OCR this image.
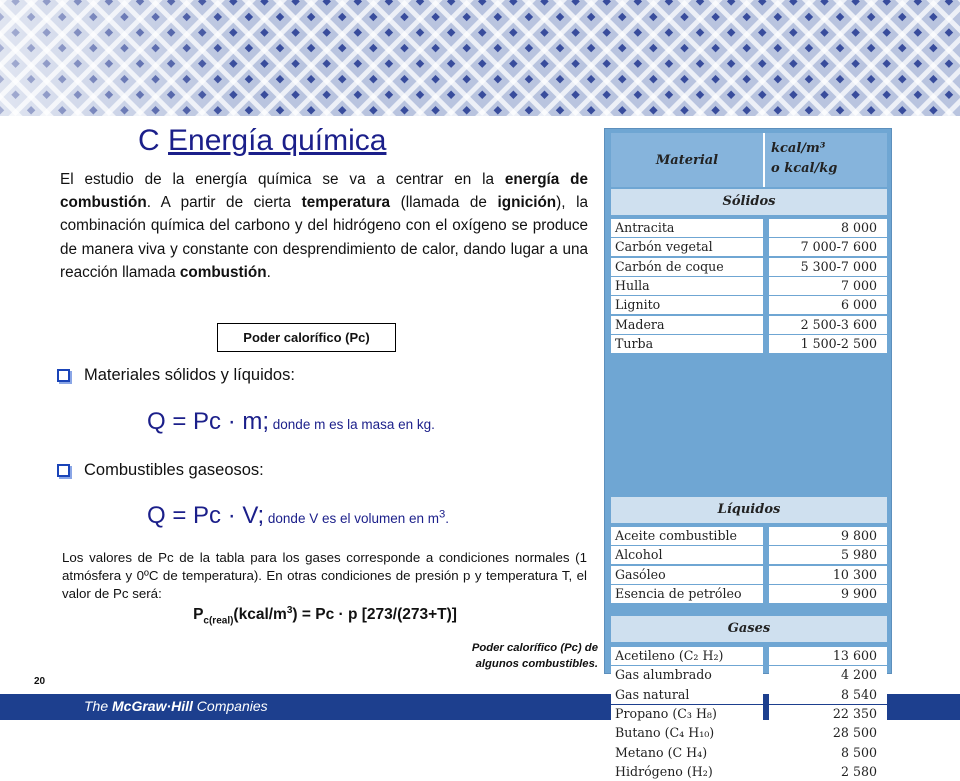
C Energía química
El estudio de la energía química se va a centrar en la energía de combustión. A partir de cierta temperatura (llamada de ignición), la combinación química del carbono y del hidrógeno con el oxígeno se produce de manera viva y constante con desprendimiento de calor, dando lugar a una reacción llamada combustión.
Poder calorífico (Pc)
Materiales sólidos y líquidos:
Q = Pc · m; donde m es la masa en kg.
Combustibles gaseosos:
Q = Pc · V; donde V es el volumen en $m^3$.
Los valores de Pc de la tabla para los gases corresponde a condiciones normales (1 atmósfera y 0ºC de temperatura). En otras condiciones de presión p y temperatura T, el valor de Pc será:
$P_{c(real)}(kcal/m^3) = Pc \cdot p$ [273/(273+T)]
Poder calorífico (Pc) de
algunos combustibles.
20
The McGraw·Hill Companies
Material
kcal/m³
o kcal/kg
Sólidos
Antracita	8 000
Carbón vegetal	7 000-7 600
Carbón de coque	5 300-7 000
Hulla	7 000
Lignito	6 000
Madera	2 500-3 600
Turba	1 500-2 500
Líquidos
Aceite combustible	9 800
Alcohol	5 980
Gasóleo	10 300
Esencia de petróleo	9 900
Gases
Acetileno (C₂ H₂)	13 600
Gas alumbrado	4 200
Gas natural	8 540
Propano (C₃ H₈)	22 350
Butano (C₄ H₁₀)	28 500
Metano (C H₄)	8 500
Hidrógeno (H₂)	2 580
